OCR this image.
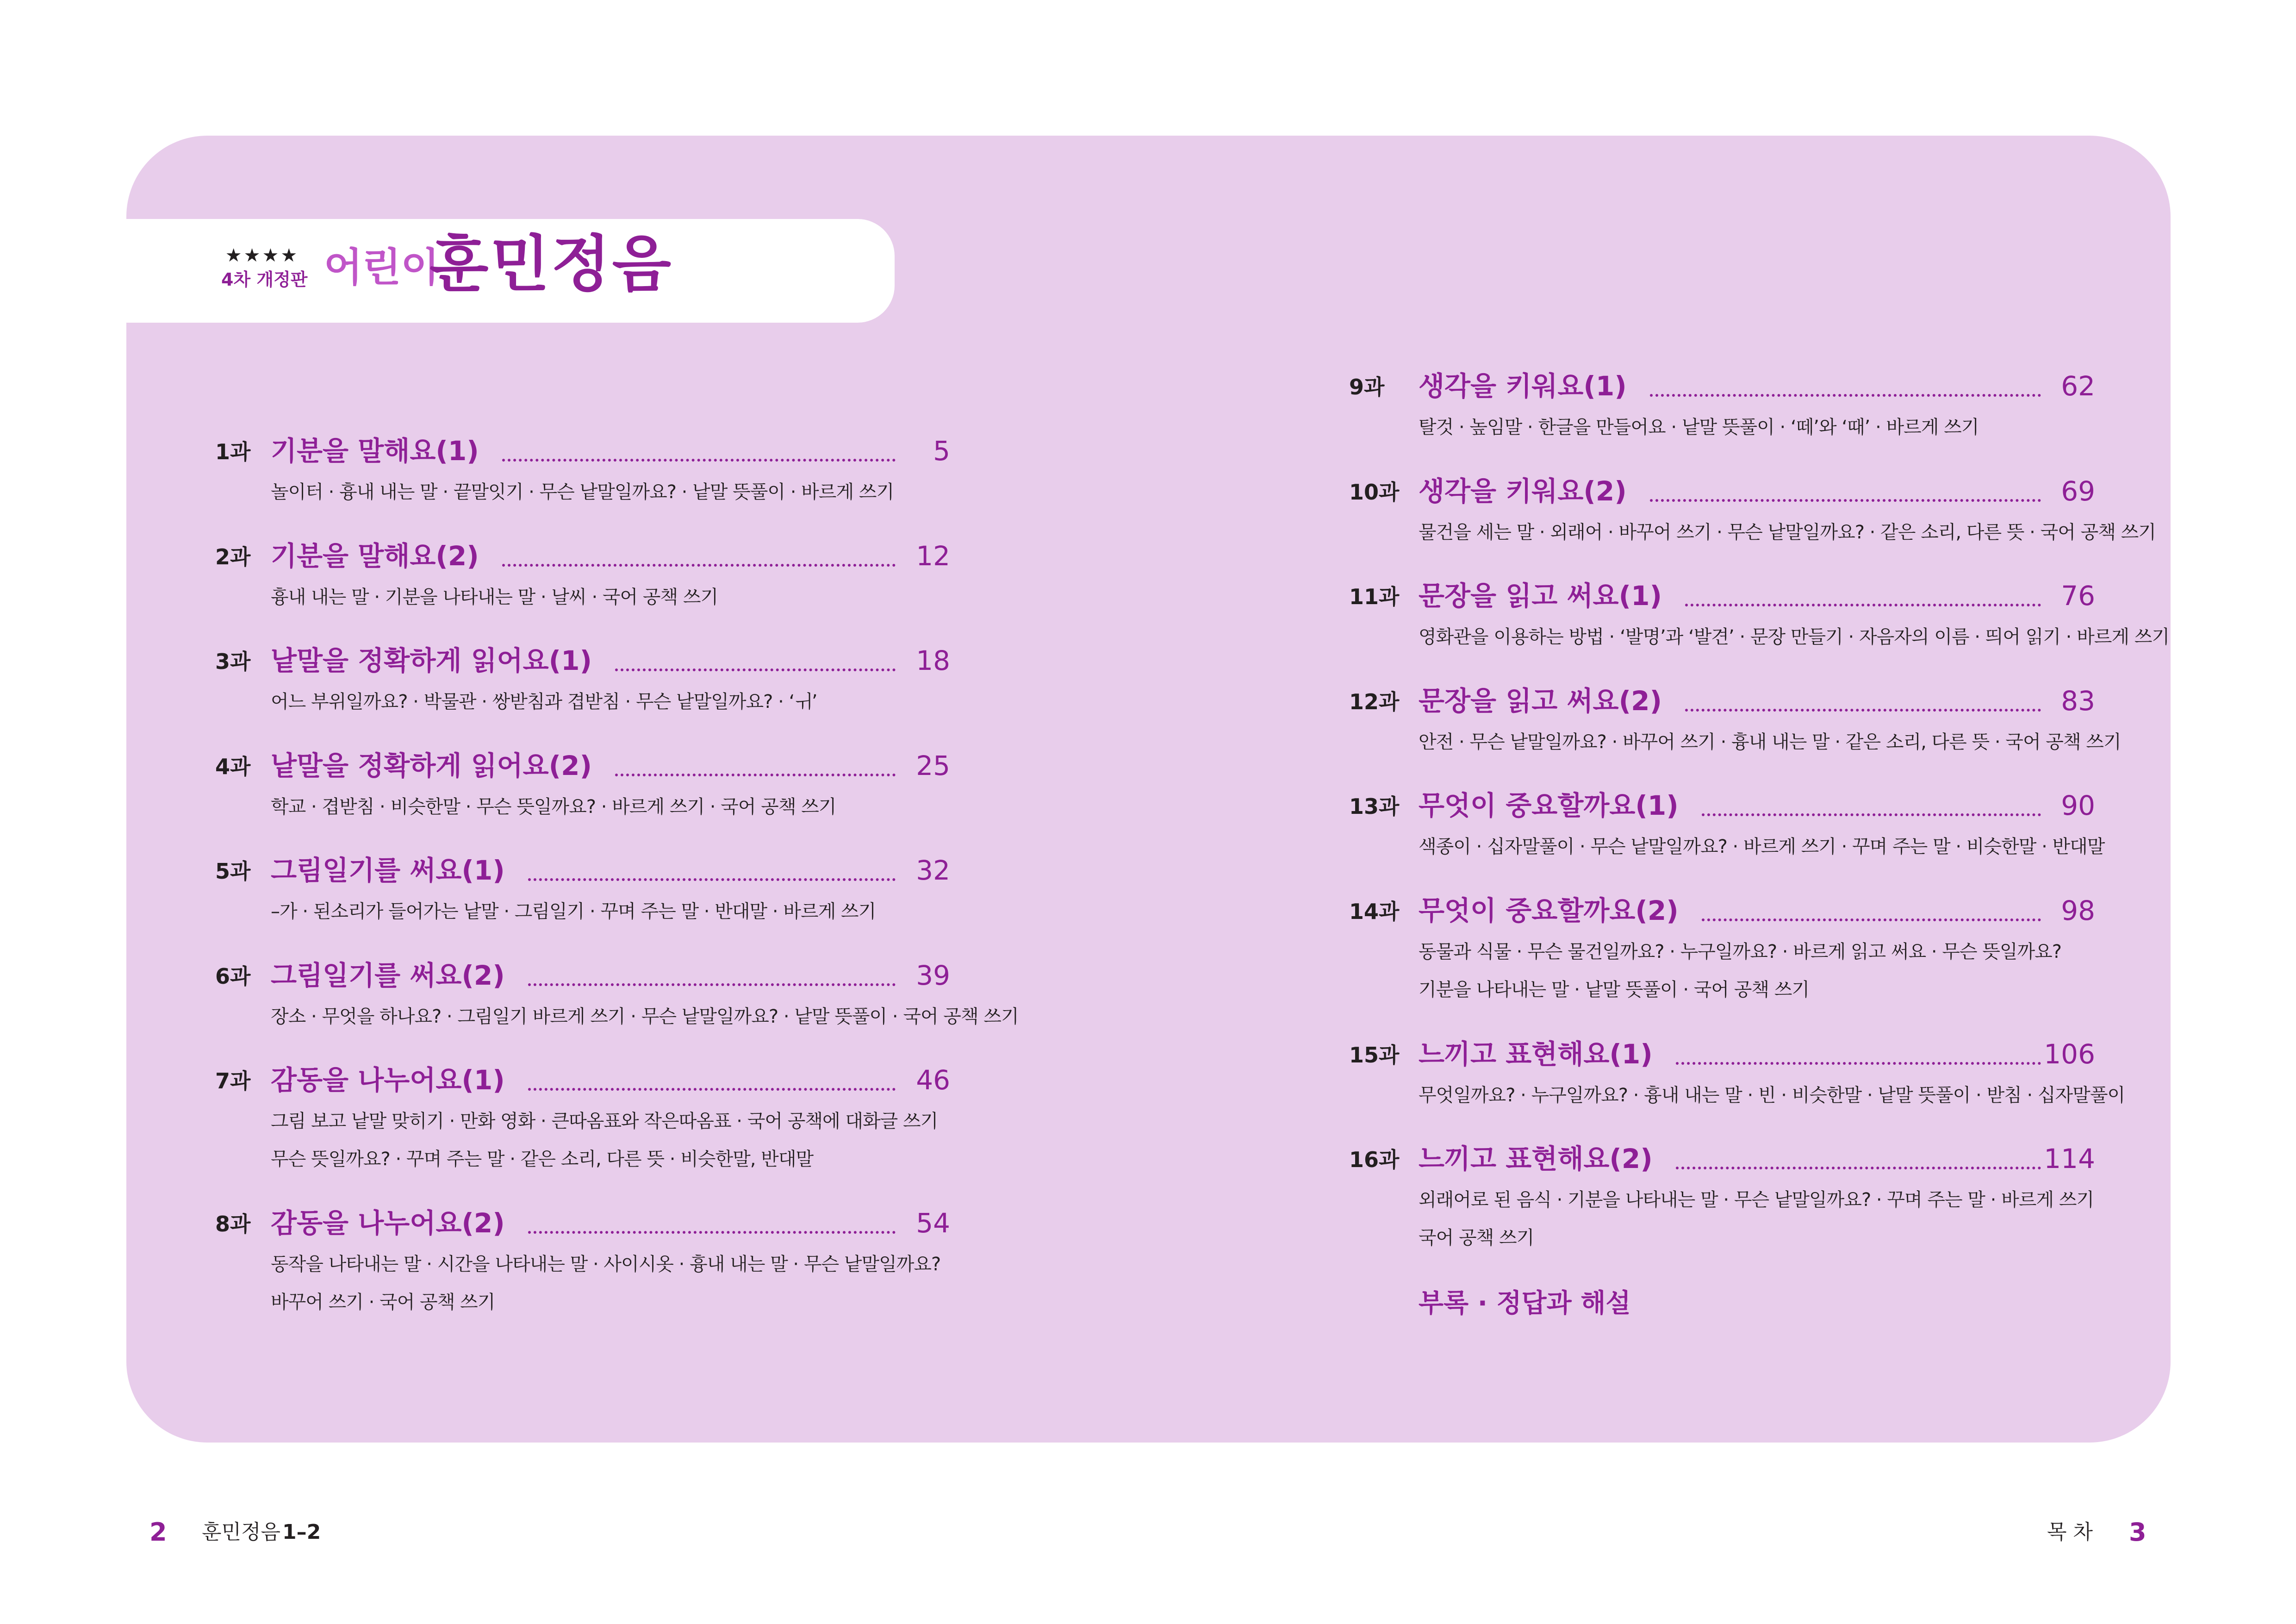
★★★★
4차 개정판 어린이
훈민정음
1과 기분을 말해요(1)	5
놀이터 · 흉내 내는 말 · 끝말잇기 · 무슨 낱말일까요? · 낱말 뜻풀이 · 바르게 쓰기
2과 기분을 말해요(2)	12
흉내 내는 말 · 기분을 나타내는 말 · 날씨 · 국어 공책 쓰기
3과 낱말을 정확하게 읽어요(1)	18
어느 부위일까요? · 박물관 · 쌍받침과 겹받침 · 무슨 낱말일까요? · ‘ㅟ’
4과 낱말을 정확하게 읽어요(2)	25
학교 · 겹받침 · 비슷한말 · 무슨 뜻일까요? · 바르게 쓰기 · 국어 공책 쓰기
5과 그림일기를 써요(1)	32
–가 · 된소리가 들어가는 낱말 · 그림일기 · 꾸며 주는 말 · 반대말 · 바르게 쓰기
6과 그림일기를 써요(2)	39
장소 · 무엇을 하나요? · 그림일기 바르게 쓰기 · 무슨 낱말일까요? · 낱말 뜻풀이 · 국어 공책 쓰기
7과 감동을 나누어요(1)	46
그림 보고 낱말 맞히기 · 만화 영화 · 큰따옴표와 작은따옴표 · 국어 공책에 대화글 쓰기
무슨 뜻일까요? · 꾸며 주는 말 · 같은 소리, 다른 뜻 · 비슷한말, 반대말
8과 감동을 나누어요(2)	54
동작을 나타내는 말 · 시간을 나타내는 말 · 사이시옷 · 흉내 내는 말 · 무슨 낱말일까요?
바꾸어 쓰기 · 국어 공책 쓰기
9과 생각을 키워요(1)	62
탈것 · 높임말 · 한글을 만들어요 · 낱말 뜻풀이 · ‘떼’와 ‘때’ · 바르게 쓰기
10과 생각을 키워요(2)	69
물건을 세는 말 · 외래어 · 바꾸어 쓰기 · 무슨 낱말일까요? · 같은 소리, 다른 뜻 · 국어 공책 쓰기
11과 문장을 읽고 써요(1)	76
영화관을 이용하는 방법 · ‘발명’과 ‘발견’ · 문장 만들기 · 자음자의 이름 · 띄어 읽기 · 바르게 쓰기
12과 문장을 읽고 써요(2)	83
안전 · 무슨 낱말일까요? · 바꾸어 쓰기 · 흉내 내는 말 · 같은 소리, 다른 뜻 · 국어 공책 쓰기
13과 무엇이 중요할까요(1)	90
색종이 · 십자말풀이 · 무슨 낱말일까요? · 바르게 쓰기 · 꾸며 주는 말 · 비슷한말 · 반대말
14과 무엇이 중요할까요(2)	98
동물과 식물 · 무슨 물건일까요? · 누구일까요? · 바르게 읽고 써요 · 무슨 뜻일까요?
기분을 나타내는 말 · 낱말 뜻풀이 · 국어 공책 쓰기
15과 느끼고 표현해요(1)	106
무엇일까요? · 누구일까요? · 흉내 내는 말 · 빈 · 비슷한말 · 낱말 뜻풀이 · 받침 · 십자말풀이
16과 느끼고 표현해요(2)	114
외래어로 된 음식 · 기분을 나타내는 말 · 무슨 낱말일까요? · 꾸며 주는 말 · 바르게 쓰기
국어 공책 쓰기
부록 · 정답과 해설
2 훈민정음 1–2	목 차 3
